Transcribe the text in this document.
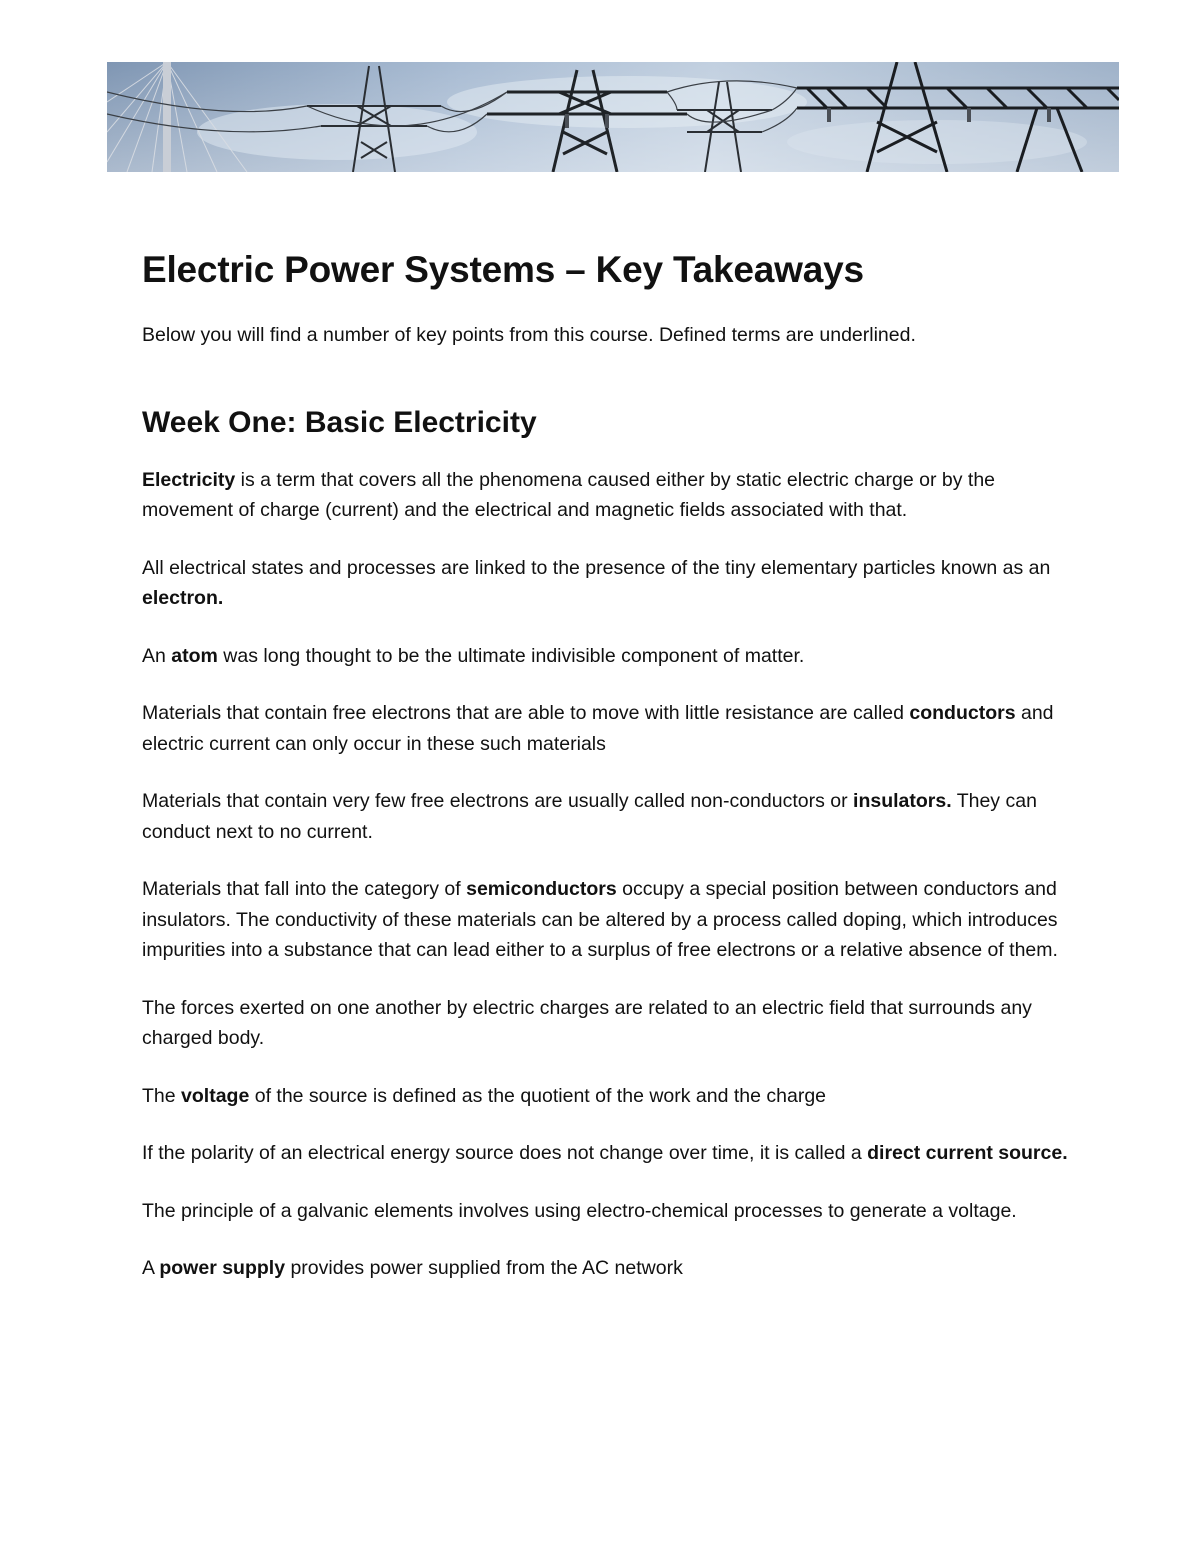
Electric Power Systems – Key Takeaways

Below you will find a number of key points from this course. Defined terms are underlined.

Week One: Basic Electricity

Electricity is a term that covers all the phenomena caused either by static electric charge or by the movement of charge (current) and the electrical and magnetic fields associated with that.

All electrical states and processes are linked to the presence of the tiny elementary particles known as an electron.

An atom was long thought to be the ultimate indivisible component of matter.

Materials that contain free electrons that are able to move with little resistance are called conductors and electric current can only occur in these such materials

Materials that contain very few free electrons are usually called non-conductors or insulators. They can conduct next to no current.

Materials that fall into the category of semiconductors occupy a special position between conductors and insulators. The conductivity of these materials can be altered by a process called doping, which introduces impurities into a substance that can lead either to a surplus of free electrons or a relative absence of them.

The forces exerted on one another by electric charges are related to an electric field that surrounds any charged body.

The voltage of the source is defined as the quotient of the work and the charge

If the polarity of an electrical energy source does not change over time, it is called a direct current source.

The principle of a galvanic elements involves using electro-chemical processes to generate a voltage.

A power supply provides power supplied from the AC network
